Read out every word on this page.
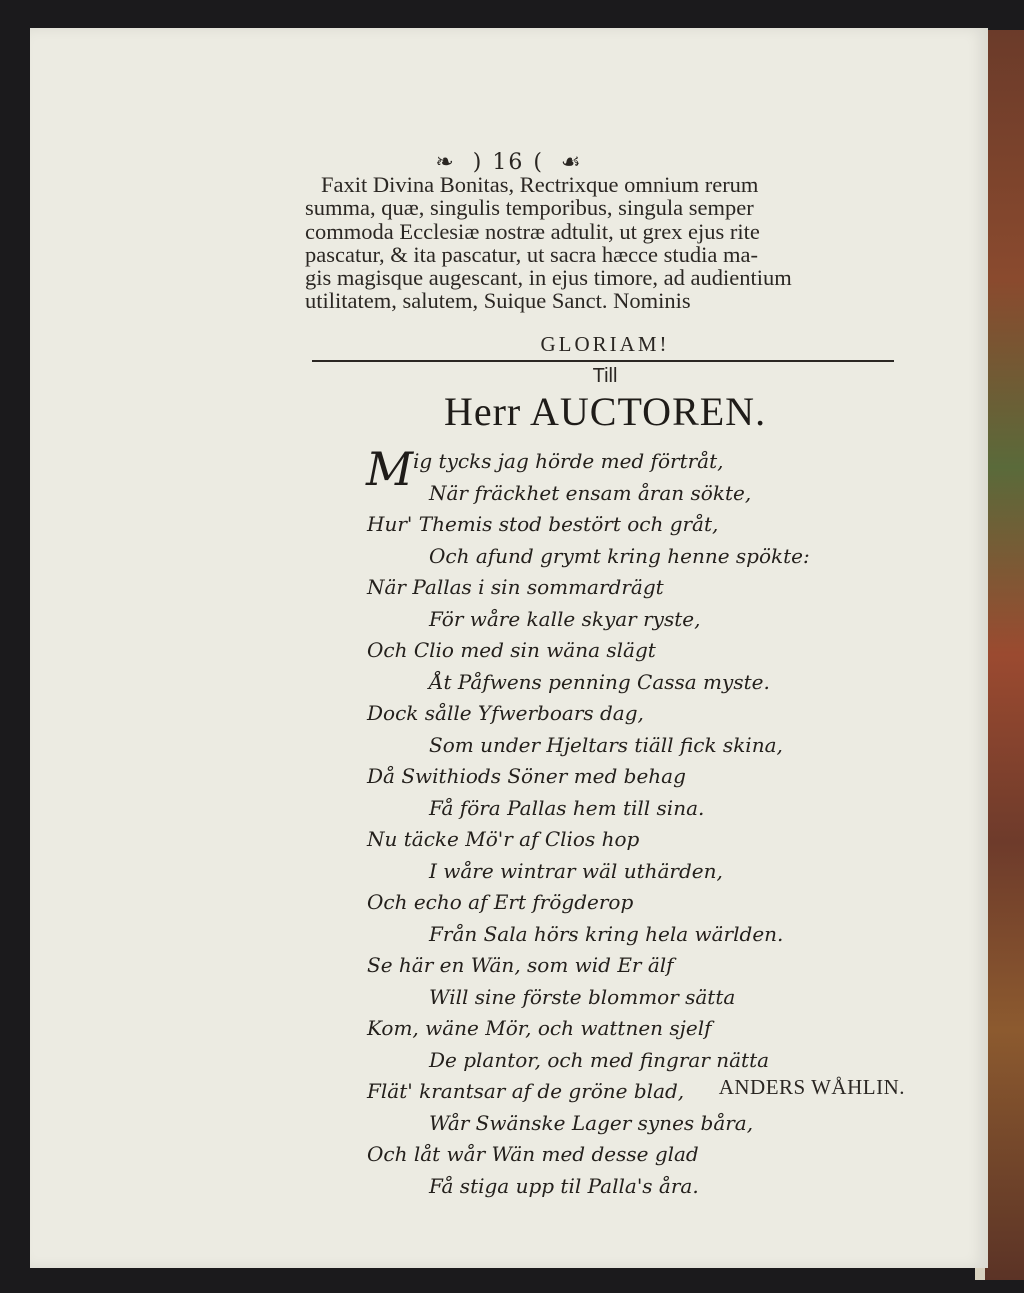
❧ ) 16 ( ☙
Faxit Divina Bonitas, Rectrixque omnium rerum
summa, quæ, singulis temporibus, singula semper
commoda Ecclesiæ nostræ adtulit, ut grex ejus rite
pascatur, & ita pascatur, ut sacra hæcce studia ma-
gis magisque augescant, in ejus timore, ad audientium
utilitatem, salutem, Suique Sanct. Nominis
GLORIAM!
Till
Herr AUCTOREN.
M ig tycks jag hörde med förtråt,
När fräckhet ensam åran sökte,
Hur' Themis stod bestört och gråt,
Och afund grymt kring henne spökte:
När Pallas i sin sommardrägt
För wåre kalle skyar ryste,
Och Clio med sin wäna slägt
Åt Påfwens penning Cassa myste.
Dock sålle Yfwerboars dag,
Som under Hjeltars tiäll fick skina,
Då Swithiods Söner med behag
Få föra Pallas hem till sina.
Nu täcke Mö'r af Clios hop
I wåre wintrar wäl uthärden,
Och echo af Ert frögderop
Från Sala hörs kring hela wärlden.
Se här en Wän, som wid Er älf
Will sine förste blommor sätta
Kom, wäne Mör, och wattnen sjelf
De plantor, och med fingrar nätta
Flät' krantsar af de gröne blad,
Wår Swänske Lager synes båra,
Och låt wår Wän med desse glad
Få stiga upp til Palla's åra.
ANDERS WÅHLIN.
